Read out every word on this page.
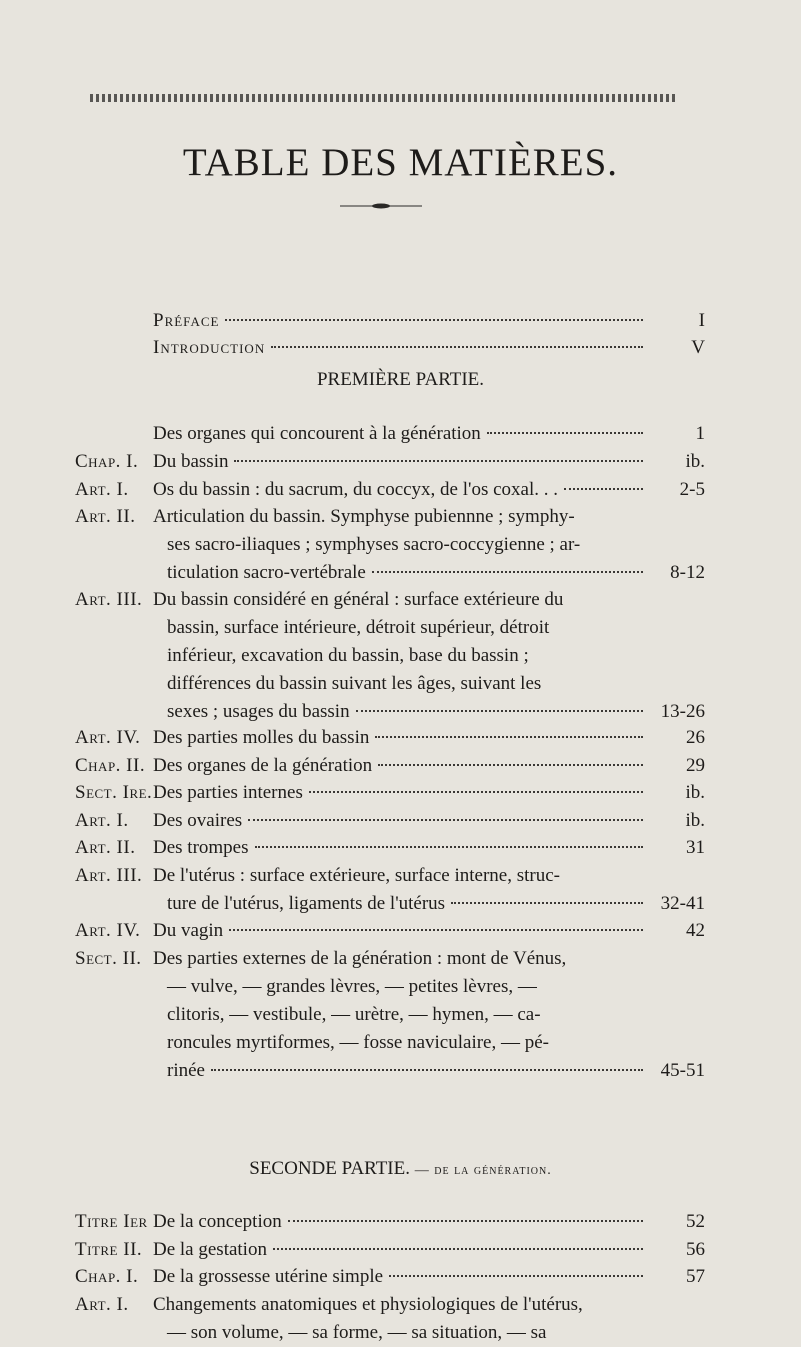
TABLE DES MATIÈRES.
Préface	I
Introduction	V
PREMIÈRE PARTIE.
Des organes qui concourent à la génération	1
Chap. I. Du bassin	ib.
Art. I.	Os du bassin : du sacrum, du coccyx, de l'os coxal. . .	2-5
Art. II. Articulation du bassin. Symphyse pubiennne ; symphy-
ses sacro-iliaques ; symphyses sacro-coccygienne ; ar-
ticulation sacro-vertébrale	8-12
Art. III. Du bassin considéré en général : surface extérieure du
bassin, surface intérieure, détroit supérieur, détroit
inférieur, excavation du bassin, base du bassin ;
différences du bassin suivant les âges, suivant les
sexes ; usages du bassin	13-26
Art. IV. Des parties molles du bassin	26
Chap. II. Des organes de la génération	29
Sect. Ire. Des parties internes	ib.
Art. I.	Des ovaires	ib.
Art. II. Des trompes	31
Art. III. De l'utérus : surface extérieure, surface interne, struc-
ture de l'utérus, ligaments de l'utérus	32-41
Art. IV. Du vagin	42
Sect. II. Des parties externes de la génération : mont de Vénus,
— vulve, — grandes lèvres, — petites lèvres, —
clitoris, — vestibule, — urètre, — hymen, — ca-
roncules myrtiformes, — fosse naviculaire, — pé-
rinée	45-51
SECONDE PARTIE. — de la génération.
Titre Ier De la conception	52
Titre II. De la gestation	56
Chap. I. De la grossesse utérine simple	57
Art. I.	Changements anatomiques et physiologiques de l'utérus,
— son volume, — sa forme, — sa situation, — sa
